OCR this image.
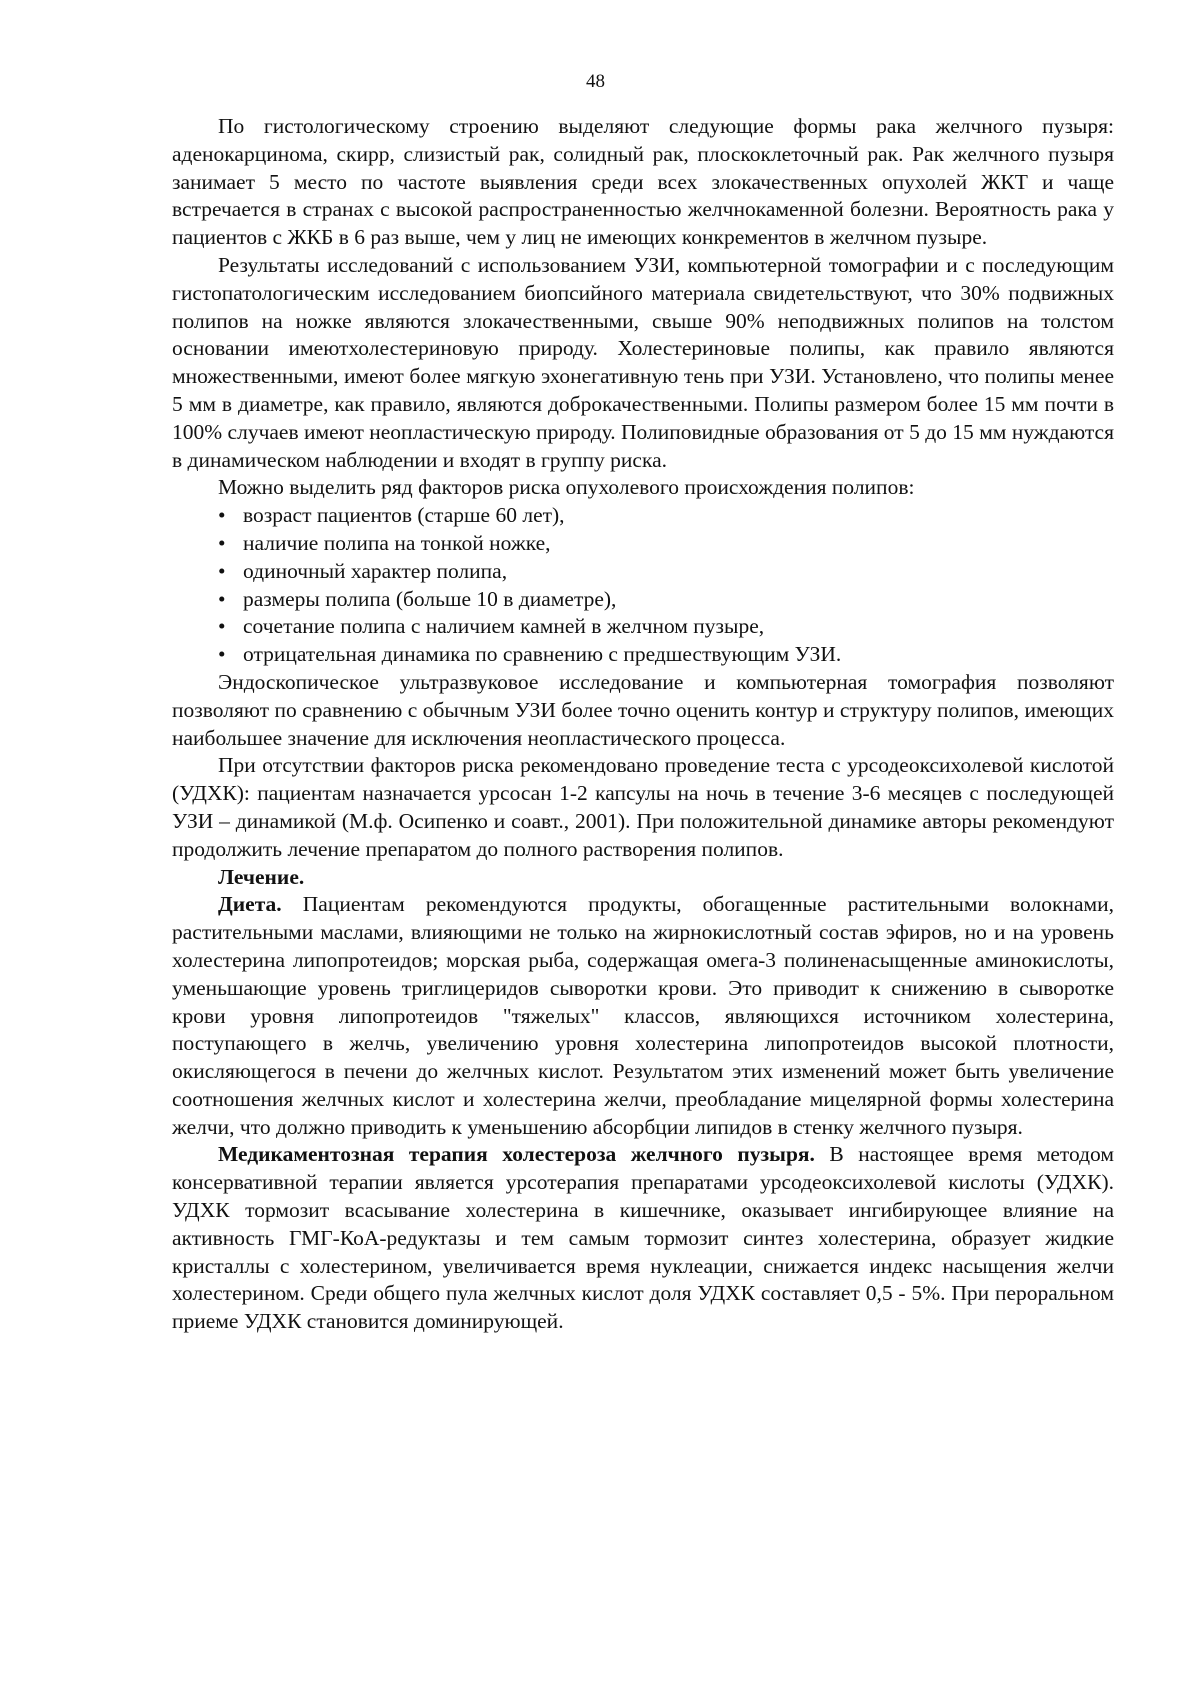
48

По гистологическому строению выделяют следующие формы рака желчного пузыря: аденокарцинома, скирр, слизистый рак, солидный рак, плоскоклеточный рак. Рак желчного пузыря занимает 5 место по частоте выявления среди всех злокачественных опухолей ЖКТ и чаще встречается в странах с высокой распространенностью желчнокаменной болезни. Вероятность рака у пациентов с ЖКБ в 6 раз выше, чем у лиц не имеющих конкрементов в желчном пузыре.

Результаты исследований с использованием УЗИ, компьютерной томографии и с последующим гистопатологическим исследованием биопсийного материала свидетельствуют, что 30% подвижных полипов на ножке являются злокачественными, свыше 90% неподвижных полипов на толстом основании имеютхолестериновую природу. Холестериновые полипы, как правило являются множественными, имеют более мягкую эхонегативную тень при УЗИ. Установлено, что полипы менее 5 мм в диаметре, как правило, являются доброкачественными. Полипы размером более 15 мм почти в 100% случаев имеют неопластическую природу. Полиповидные образования от 5 до 15 мм нуждаются в динамическом наблюдении и входят в группу риска.

Можно выделить ряд факторов риска опухолевого происхождения полипов:

• возраст пациентов (старше 60 лет),
• наличие полипа на тонкой ножке,
• одиночный характер полипа,
• размеры полипа (больше 10 в диаметре),
• сочетание полипа с наличием камней в желчном пузыре,
• отрицательная динамика по сравнению с предшествующим УЗИ.

Эндоскопическое ультразвуковое исследование и компьютерная томография позволяют позволяют по сравнению с обычным УЗИ более точно оценить контур и структуру полипов, имеющих наибольшее значение для исключения неопластического процесса.

При отсутствии факторов риска рекомендовано проведение теста с урсодеоксихолевой кислотой (УДХК): пациентам назначается урсосан 1-2 капсулы на ночь в течение 3-6 месяцев с последующей УЗИ – динамикой (М.ф. Осипенко и соавт., 2001). При положительной динамике авторы рекомендуют продолжить лечение препаратом до полного растворения полипов.

Лечение.

Диета. Пациентам рекомендуются продукты, обогащенные растительными волокнами, растительными маслами, влияющими не только на жирнокислотный состав эфиров, но и на уровень холестерина липопротеидов; морская рыба, содержащая омега-3 полиненасыщенные аминокислоты, уменьшающие уровень триглицеридов сыворотки крови. Это приводит к снижению в сыворотке крови уровня липопротеидов "тяжелых" классов, являющихся источником холестерина, поступающего в желчь, увеличению уровня холестерина липопротеидов высокой плотности, окисляющегося в печени до желчных кислот. Результатом этих изменений может быть увеличение соотношения желчных кислот и холестерина желчи, преобладание мицелярной формы холестерина желчи, что должно приводить к уменьшению абсорбции липидов в стенку желчного пузыря.

Медикаментозная терапия холестероза желчного пузыря. В настоящее время методом консервативной терапии является урсотерапия препаратами урсодеоксихолевой кислоты (УДХК). УДХК тормозит всасывание холестерина в кишечнике, оказывает ингибирующее влияние на активность ГМГ-КоА-редуктазы и тем самым тормозит синтез холестерина, образует жидкие кристаллы с холестерином, увеличивается время нуклеации, снижается индекс насыщения желчи холестерином. Среди общего пула желчных кислот доля УДХК составляет 0,5 - 5%. При пероральном приеме УДХК становится доминирующей.
